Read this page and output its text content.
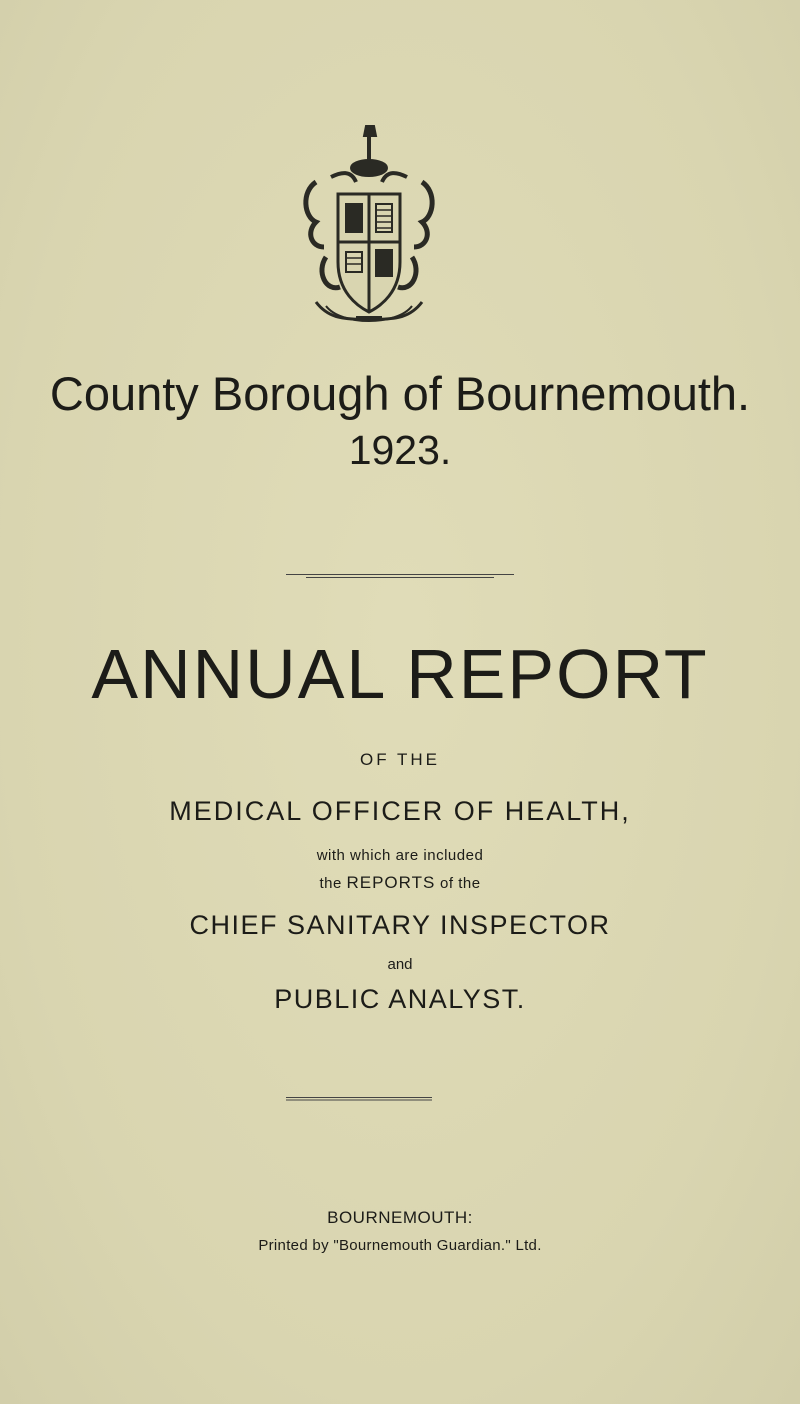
County Borough of Bournemouth.
1923.
ANNUAL REPORT
OF THE
MEDICAL OFFICER OF HEALTH,
with which are included
the REPORTS of the
CHIEF SANITARY INSPECTOR
and
PUBLIC ANALYST.
BOURNEMOUTH:
Printed by "Bournemouth Guardian." Ltd.
